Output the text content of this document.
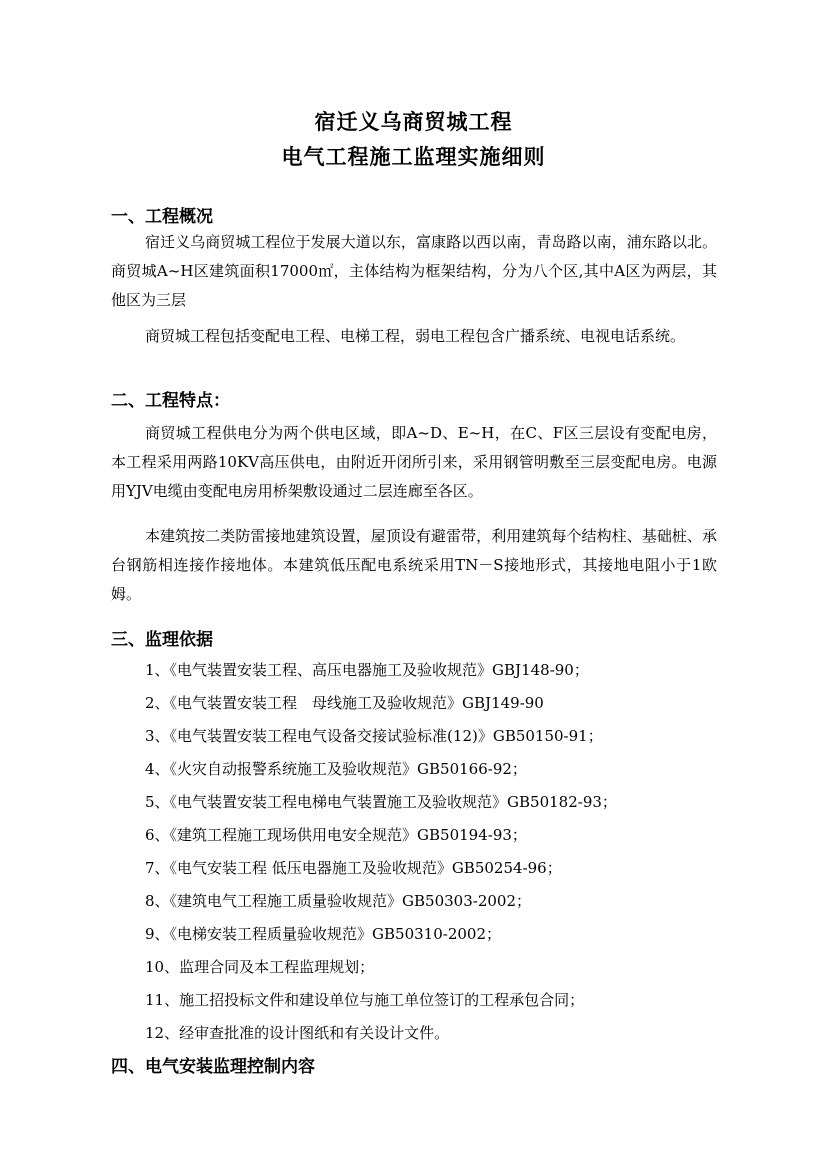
宿迁义乌商贸城工程
电气工程施工监理实施细则
一、工程概况
宿迁义乌商贸城工程位于发展大道以东，富康路以西以南，青岛路以南，浦东路以北。商贸城A~H区建筑面积17000㎡，主体结构为框架结构，分为八个区,其中A区为两层，其他区为三层
商贸城工程包括变配电工程、电梯工程，弱电工程包含广播系统、电视电话系统。
二、工程特点：
商贸城工程供电分为两个供电区域，即A~D、E~H，在C、F区三层设有变配电房，本工程采用两路10KV高压供电，由附近开闭所引来，采用钢管明敷至三层变配电房。电源用YJV电缆由变配电房用桥架敷设通过二层连廊至各区。
本建筑按二类防雷接地建筑设置，屋顶设有避雷带，利用建筑每个结构柱、基础桩、承台钢筋相连接作接地体。本建筑低压配电系统采用TN－S接地形式，其接地电阻小于1欧姆。
三、监理依据
1、《电气装置安装工程、高压电器施工及验收规范》GBJ148-90；
2、《电气装置安装工程　母线施工及验收规范》GBJ149-90
3、《电气装置安装工程电气设备交接试验标准(12)》GB50150-91；
4、《火灾自动报警系统施工及验收规范》GB50166-92；
5、《电气装置安装工程电梯电气装置施工及验收规范》GB50182-93；
6、《建筑工程施工现场供用电安全规范》GB50194-93；
7、《电气安装工程 低压电器施工及验收规范》GB50254-96；
8、《建筑电气工程施工质量验收规范》GB50303-2002；
9、《电梯安装工程质量验收规范》GB50310-2002；
10、监理合同及本工程监理规划；
11、施工招投标文件和建设单位与施工单位签订的工程承包合同；
12、经审查批准的设计图纸和有关设计文件。
四、电气安装监理控制内容
